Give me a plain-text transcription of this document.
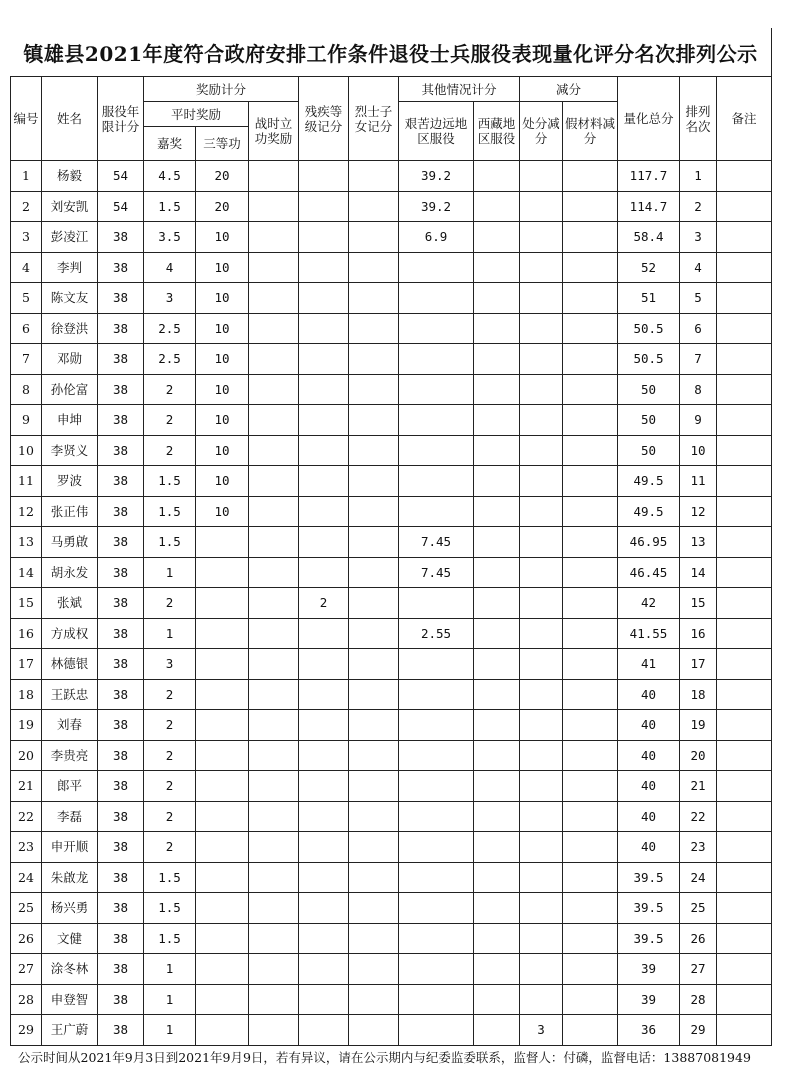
镇雄县2021年度符合政府安排工作条件退役士兵服役表现量化评分名次排列公示
编号	姓名	服役年限计分	奖励计分			残疾等级记分	烈士子女记分	其他情况计分		减分		量化总分	排列名次	备注
			平时奖励		战时立功奖励			艰苦边远地区服役	西藏地区服役	处分减分	假材料减分			
			嘉奖	三等功										
1	杨毅	54	4.5	20				39.2				117.7	1	
2	刘安凯	54	1.5	20				39.2				114.7	2	
3	彭凌江	38	3.5	10				6.9				58.4	3	
4	李判	38	4	10								52	4	
5	陈文友	38	3	10								51	5	
6	徐登洪	38	2.5	10								50.5	6	
7	邓勋	38	2.5	10								50.5	7	
8	孙伦富	38	2	10								50	8	
9	申坤	38	2	10								50	9	
10	李贤义	38	2	10								50	10	
11	罗波	38	1.5	10								49.5	11	
12	张正伟	38	1.5	10								49.5	12	
13	马勇啟	38	1.5					7.45				46.95	13	
14	胡永发	38	1					7.45				46.45	14	
15	张斌	38	2			2						42	15	
16	方成权	38	1					2.55				41.55	16	
17	林德银	38	3									41	17	
18	王跃忠	38	2									40	18	
19	刘春	38	2									40	19	
20	李贵亮	38	2									40	20	
21	郎平	38	2									40	21	
22	李磊	38	2									40	22	
23	申开顺	38	2									40	23	
24	朱啟龙	38	1.5									39.5	24	
25	杨兴勇	38	1.5									39.5	25	
26	文健	38	1.5									39.5	26	
27	涂冬林	38	1									39	27	
28	申登智	38	1									39	28	
29	王广蔚	38	1							3		36	29	
公示时间从2021年9月3日到2021年9月9日，若有异议，请在公示期内与纪委监委联系，监督人：付磷，监督电话：13887081949
